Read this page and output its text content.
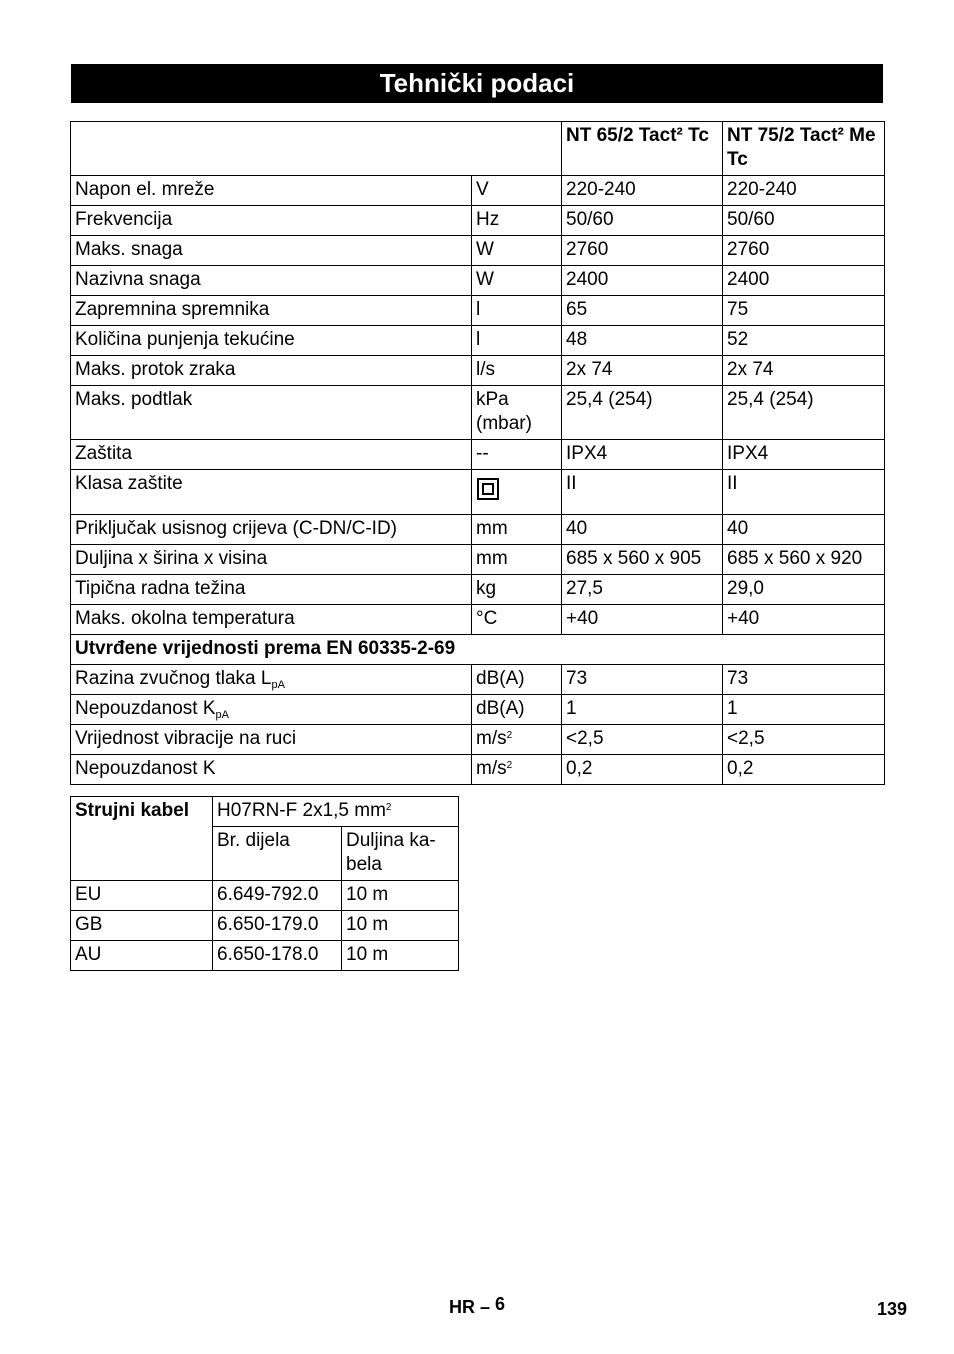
Tehnički podaci
		NT 65/2 Tact² Tc	NT 75/2 Tact² Me Tc
Napon el. mreže	V	220-240	220-240
Frekvencija	Hz	50/60	50/60
Maks. snaga	W	2760	2760
Nazivna snaga	W	2400	2400
Zapremnina spremnika	l	65	75
Količina punjenja tekućine	l	48	52
Maks. protok zraka	l/s	2x 74	2x 74
Maks. podtlak	kPa (mbar)	25,4 (254)	25,4 (254)
Zaštita	--	IPX4	IPX4
Klasa zaštite		II	II
Priključak usisnog crijeva (C-DN/C-ID)	mm	40	40
Duljina x širina x visina	mm	685 x 560 x 905	685 x 560 x 920
Tipična radna težina	kg	27,5	29,0
Maks. okolna temperatura	°C	+40	+40
Utvrđene vrijednosti prema EN 60335-2-69			
Razina zvučnog tlaka $L_{pA}$	dB(A)	73	73
Nepouzdanost $K_{pA}$	dB(A)	1	1
Vrijednost vibracije na ruci	$m/s^2$	<2,5	<2,5
Nepouzdanost K	$m/s^2$	0,2	0,2
Strujni kabel	H07RN-F 2x1,5 $mm^2$
	Br. dijela	Duljina ka-bela
EU	6.649-792.0	10 m
GB	6.650-179.0	10 m
AU	6.650-178.0	10 m
HR – 6	139
